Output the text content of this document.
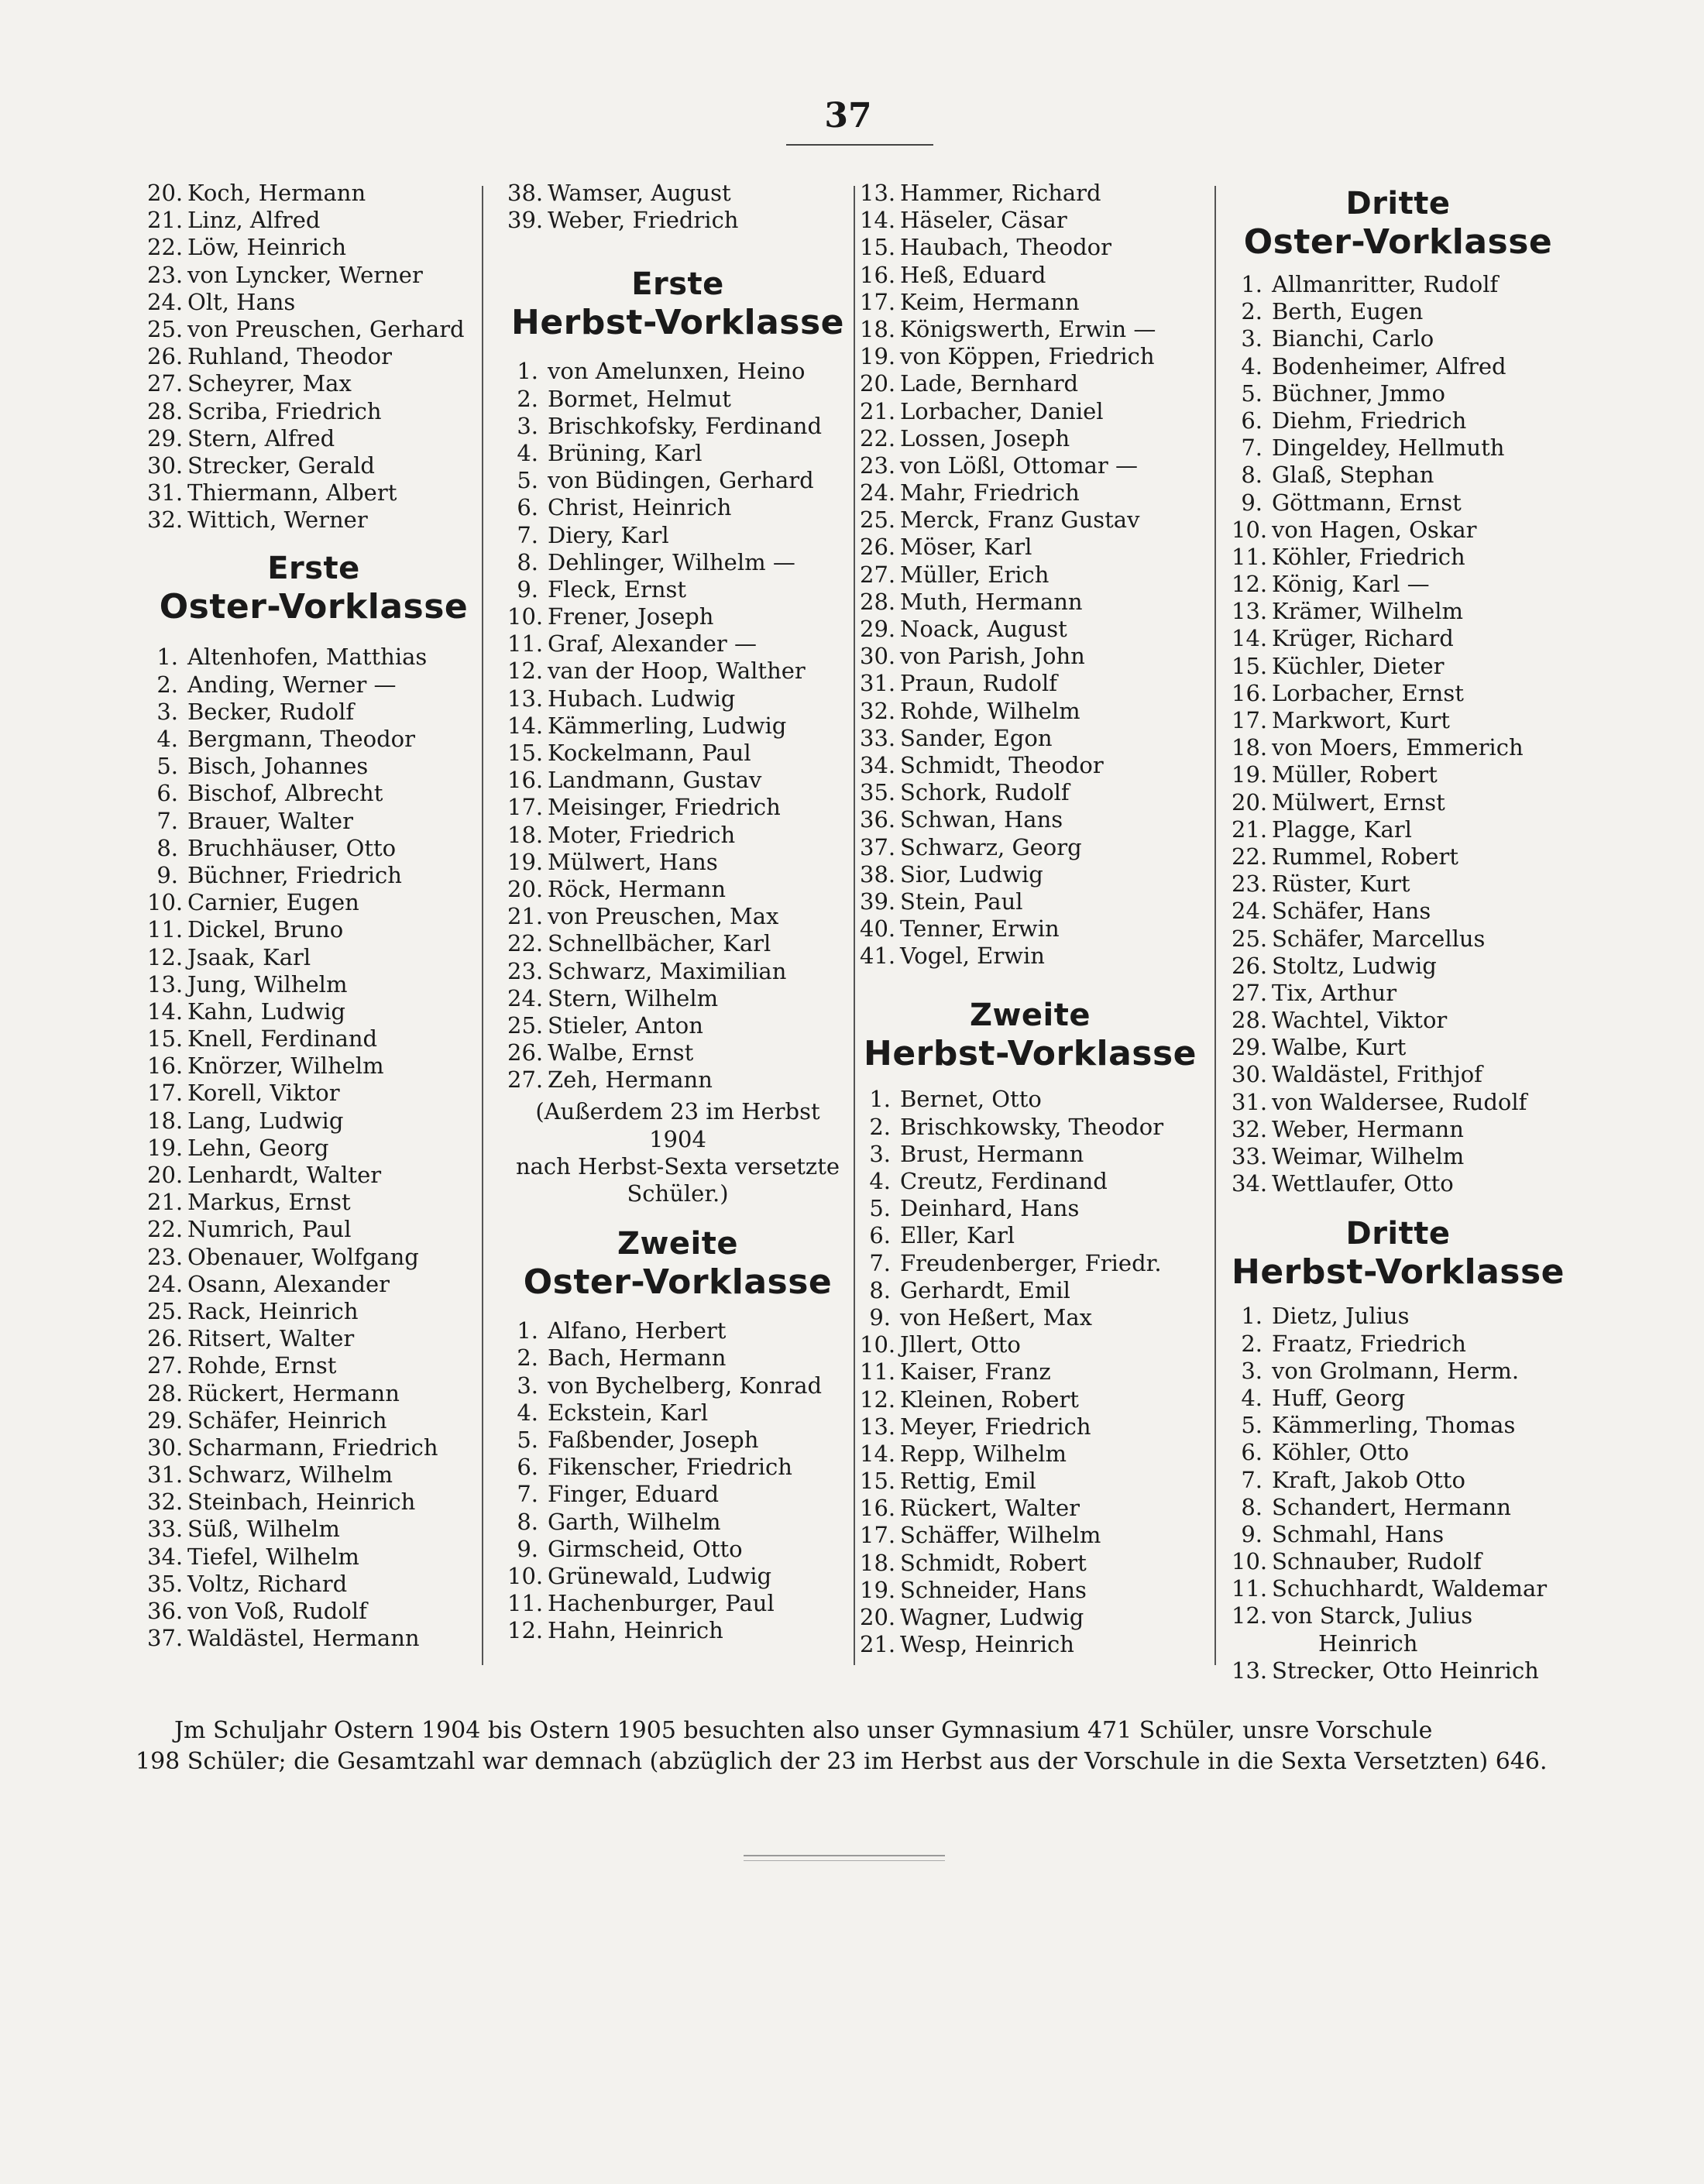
37
20. Koch, Hermann
21. Linz, Alfred
22. Löw, Heinrich
23. von Lyncker, Werner
24. Olt, Hans
25. von Preuschen, Gerhard
26. Ruhland, Theodor
27. Scheyrer, Max
28. Scriba, Friedrich
29. Stern, Alfred
30. Strecker, Gerald
31. Thiermann, Albert
32. Wittich, Werner
Erste
Oster-Vorklasse
1. Altenhofen, Matthias
2. Anding, Werner —
3. Becker, Rudolf
4. Bergmann, Theodor
5. Bisch, Johannes
6. Bischof, Albrecht
7. Brauer, Walter
8. Bruchhäuser, Otto
9. Büchner, Friedrich
10. Carnier, Eugen
11. Dickel, Bruno
12. Jsaak, Karl
13. Jung, Wilhelm
14. Kahn, Ludwig
15. Knell, Ferdinand
16. Knörzer, Wilhelm
17. Korell, Viktor
18. Lang, Ludwig
19. Lehn, Georg
20. Lenhardt, Walter
21. Markus, Ernst
22. Numrich, Paul
23. Obenauer, Wolfgang
24. Osann, Alexander
25. Rack, Heinrich
26. Ritsert, Walter
27. Rohde, Ernst
28. Rückert, Hermann
29. Schäfer, Heinrich
30. Scharmann, Friedrich
31. Schwarz, Wilhelm
32. Steinbach, Heinrich
33. Süß, Wilhelm
34. Tiefel, Wilhelm
35. Voltz, Richard
36. von Voß, Rudolf
37. Waldästel, Hermann
38. Wamser, August
39. Weber, Friedrich
Erste
Herbst-Vorklasse
1. von Amelunxen, Heino
2. Bormet, Helmut
3. Brischkofsky, Ferdinand
4. Brüning, Karl
5. von Büdingen, Gerhard
6. Christ, Heinrich
7. Diery, Karl
8. Dehlinger, Wilhelm —
9. Fleck, Ernst
10. Frener, Joseph
11. Graf, Alexander —
12. van der Hoop, Walther
13. Hubach. Ludwig
14. Kämmerling, Ludwig
15. Kockelmann, Paul
16. Landmann, Gustav
17. Meisinger, Friedrich
18. Moter, Friedrich
19. Mülwert, Hans
20. Röck, Hermann
21. von Preuschen, Max
22. Schnellbächer, Karl
23. Schwarz, Maximilian
24. Stern, Wilhelm
25. Stieler, Anton
26. Walbe, Ernst
27. Zeh, Hermann
(Außerdem 23 im Herbst 1904
nach Herbst-Sexta versetzte
Schüler.)
Zweite
Oster-Vorklasse
1. Alfano, Herbert
2. Bach, Hermann
3. von Bychelberg, Konrad
4. Eckstein, Karl
5. Faßbender, Joseph
6. Fikenscher, Friedrich
7. Finger, Eduard
8. Garth, Wilhelm
9. Girmscheid, Otto
10. Grünewald, Ludwig
11. Hachenburger, Paul
12. Hahn, Heinrich
13. Hammer, Richard
14. Häseler, Cäsar
15. Haubach, Theodor
16. Heß, Eduard
17. Keim, Hermann
18. Königswerth, Erwin —
19. von Köppen, Friedrich
20. Lade, Bernhard
21. Lorbacher, Daniel
22. Lossen, Joseph
23. von Lößl, Ottomar —
24. Mahr, Friedrich
25. Merck, Franz Gustav
26. Möser, Karl
27. Müller, Erich
28. Muth, Hermann
29. Noack, August
30. von Parish, John
31. Praun, Rudolf
32. Rohde, Wilhelm
33. Sander, Egon
34. Schmidt, Theodor
35. Schork, Rudolf
36. Schwan, Hans
37. Schwarz, Georg
38. Sior, Ludwig
39. Stein, Paul
40. Tenner, Erwin
41. Vogel, Erwin
Zweite
Herbst-Vorklasse
1. Bernet, Otto
2. Brischkowsky, Theodor
3. Brust, Hermann
4. Creutz, Ferdinand
5. Deinhard, Hans
6. Eller, Karl
7. Freudenberger, Friedr.
8. Gerhardt, Emil
9. von Heßert, Max
10. Jllert, Otto
11. Kaiser, Franz
12. Kleinen, Robert
13. Meyer, Friedrich
14. Repp, Wilhelm
15. Rettig, Emil
16. Rückert, Walter
17. Schäffer, Wilhelm
18. Schmidt, Robert
19. Schneider, Hans
20. Wagner, Ludwig
21. Wesp, Heinrich
Dritte
Oster-Vorklasse
1. Allmanritter, Rudolf
2. Berth, Eugen
3. Bianchi, Carlo
4. Bodenheimer, Alfred
5. Büchner, Jmmo
6. Diehm, Friedrich
7. Dingeldey, Hellmuth
8. Glaß, Stephan
9. Göttmann, Ernst
10. von Hagen, Oskar
11. Köhler, Friedrich
12. König, Karl —
13. Krämer, Wilhelm
14. Krüger, Richard
15. Küchler, Dieter
16. Lorbacher, Ernst
17. Markwort, Kurt
18. von Moers, Emmerich
19. Müller, Robert
20. Mülwert, Ernst
21. Plagge, Karl
22. Rummel, Robert
23. Rüster, Kurt
24. Schäfer, Hans
25. Schäfer, Marcellus
26. Stoltz, Ludwig
27. Tix, Arthur
28. Wachtel, Viktor
29. Walbe, Kurt
30. Waldästel, Frithjof
31. von Waldersee, Rudolf
32. Weber, Hermann
33. Weimar, Wilhelm
34. Wettlaufer, Otto
Dritte
Herbst-Vorklasse
1. Dietz, Julius
2. Fraatz, Friedrich
3. von Grolmann, Herm.
4. Huff, Georg
5. Kämmerling, Thomas
6. Köhler, Otto
7. Kraft, Jakob Otto
8. Schandert, Hermann
9. Schmahl, Hans
10. Schnauber, Rudolf
11. Schuchhardt, Waldemar
12. von Starck, Julius
Heinrich
13. Strecker, Otto Heinrich
Jm Schuljahr Ostern 1904 bis Ostern 1905 besuchten also unser Gymnasium 471 Schüler, unsre Vorschule
198 Schüler; die Gesamtzahl war demnach (abzüglich der 23 im Herbst aus der Vorschule in die Sexta Versetzten) 646.
